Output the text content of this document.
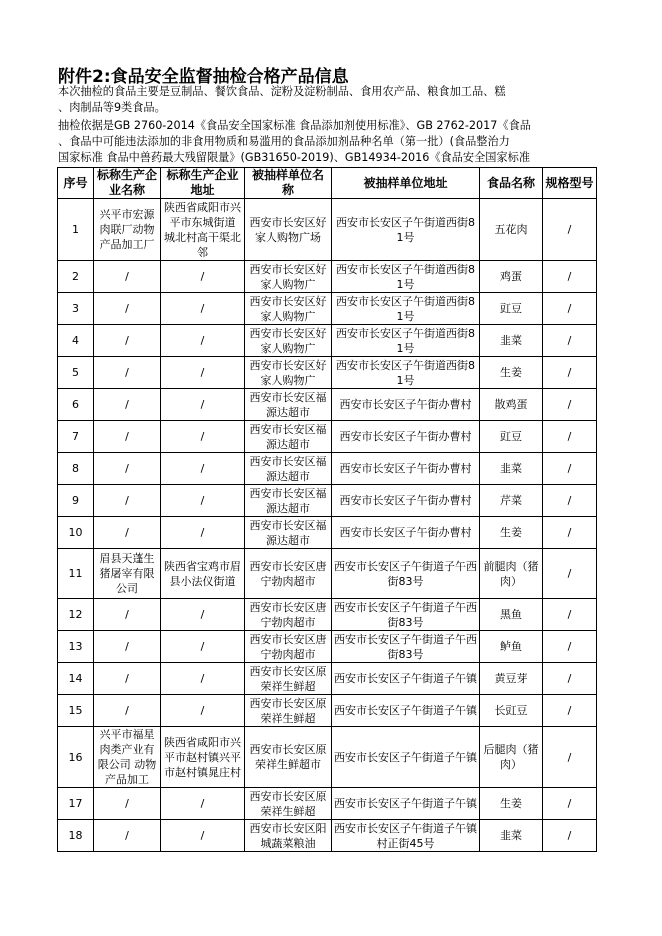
附件2:食品安全监督抽检合格产品信息
本次抽检的食品主要是豆制品、餐饮食品、淀粉及淀粉制品、食用农产品、粮食加工品、糕
、肉制品等9类食品。
抽检依据是GB 2760-2014《食品安全国家标准 食品添加剂使用标准》、GB 2762-2017《食品
、食品中可能违法添加的非食用物质和易滥用的食品添加剂品种名单（第一批）(食品整治力
国家标准 食品中兽药最大残留限量》(GB31650-2019)、GB14934-2016《食品安全国家标准
序号	标称生产企业名称	标称生产企业地址	被抽样单位名称	被抽样单位地址	食品名称	规格型号
1	兴平市宏源肉联厂动物产品加工厂	陕西省咸阳市兴平市东城街道 城北村高干渠北邻	西安市长安区好家人购物广场	西安市长安区子午街道西街81号	五花肉	/
2	/	/	西安市长安区好家人购物广	西安市长安区子午街道西街81号	鸡蛋	/
3	/	/	西安市长安区好家人购物广	西安市长安区子午街道西街81号	豇豆	/
4	/	/	西安市长安区好家人购物广	西安市长安区子午街道西街81号	韭菜	/
5	/	/	西安市长安区好家人购物广	西安市长安区子午街道西街81号	生姜	/
6	/	/	西安市长安区福源达超市	西安市长安区子午街办曹村	散鸡蛋	/
7	/	/	西安市长安区福源达超市	西安市长安区子午街办曹村	豇豆	/
8	/	/	西安市长安区福源达超市	西安市长安区子午街办曹村	韭菜	/
9	/	/	西安市长安区福源达超市	西安市长安区子午街办曹村	芹菜	/
10	/	/	西安市长安区福源达超市	西安市长安区子午街办曹村	生姜	/
11	眉县天蓬生猪屠宰有限公司	陕西省宝鸡市眉县小法仪街道	西安市长安区唐宁勃肉超市	西安市长安区子午街道子午西街83号	前腿肉（猪肉）	/
12	/	/	西安市长安区唐宁勃肉超市	西安市长安区子午街道子午西街83号	黑鱼	/
13	/	/	西安市长安区唐宁勃肉超市	西安市长安区子午街道子午西街83号	鲈鱼	/
14	/	/	西安市长安区原荣祥生鲜超	西安市长安区子午街道子午镇	黄豆芽	/
15	/	/	西安市长安区原荣祥生鲜超	西安市长安区子午街道子午镇	长豇豆	/
16	兴平市福星肉类产业有限公司 动物产品加工	陕西省咸阳市兴平市赵村镇兴平市赵村镇晁庄村	西安市长安区原荣祥生鲜超市	西安市长安区子午街道子午镇	后腿肉（猪肉）	/
17	/	/	西安市长安区原荣祥生鲜超	西安市长安区子午街道子午镇	生姜	/
18	/	/	西安市长安区阳城蔬菜粮油	西安市长安区子午街道子午镇村正街45号	韭菜	/
